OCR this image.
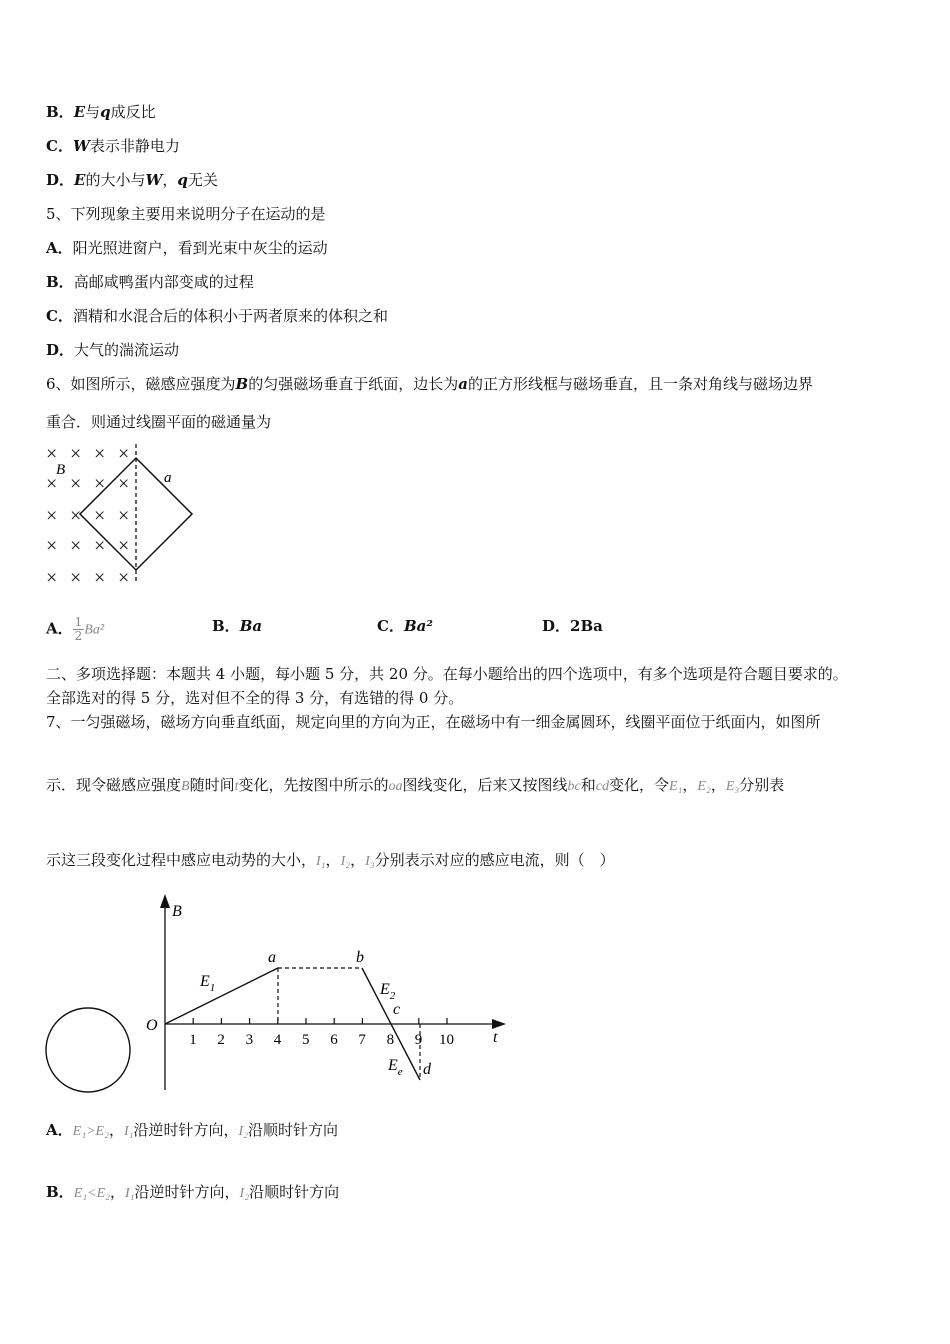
B．E与q成反比
C．W表示非静电力
D．E的大小与W，q无关
5、下列现象主要用来说明分子在运动的是
A．阳光照进窗户，看到光束中灰尘的运动
B．高邮咸鸭蛋内部变咸的过程
C．酒精和水混合后的体积小于两者原来的体积之和
D．大气的湍流运动
6、如图所示，磁感应强度为B的匀强磁场垂直于纸面，边长为a的正方形线框与磁场垂直，且一条对角线与磁场边界
重合．则通过线圈平面的磁通量为
× × × ×
× × × ×
× × × ×
× × × ×
× × × ×
B	a
A． $\frac{1}{2} Ba^2$	B．Ba	C．Ba²	D．2Ba
二、多项选择题：本题共 4 小题，每小题 5 分，共 20 分。在每小题给出的四个选项中，有多个选项是符合题目要求的。
全部选对的得 5 分，选对但不全的得 3 分，有选错的得 0 分。
7、一匀强磁场，磁场方向垂直纸面，规定向里的方向为正，在磁场中有一细金属圆环，线圈平面位于纸面内，如图所
示．现令磁感应强度B随时间t变化，先按图中所示的oa图线变化，后来又按图线bc和cd变化，令E₁，E₂，E₃分别表
示这三段变化过程中感应电动势的大小，I₁，I₂，I₃分别表示对应的感应电流，则（　）
B
t
O
1 2 3 4 5 6 7	9 10
8
a	b
c
d
$E_1$	$E_2$
$E_e$
A．E₁>E₂，I₁沿逆时针方向，I₂沿顺时针方向
B．E₁<E₂，I₁沿逆时针方向，I₂沿顺时针方向
